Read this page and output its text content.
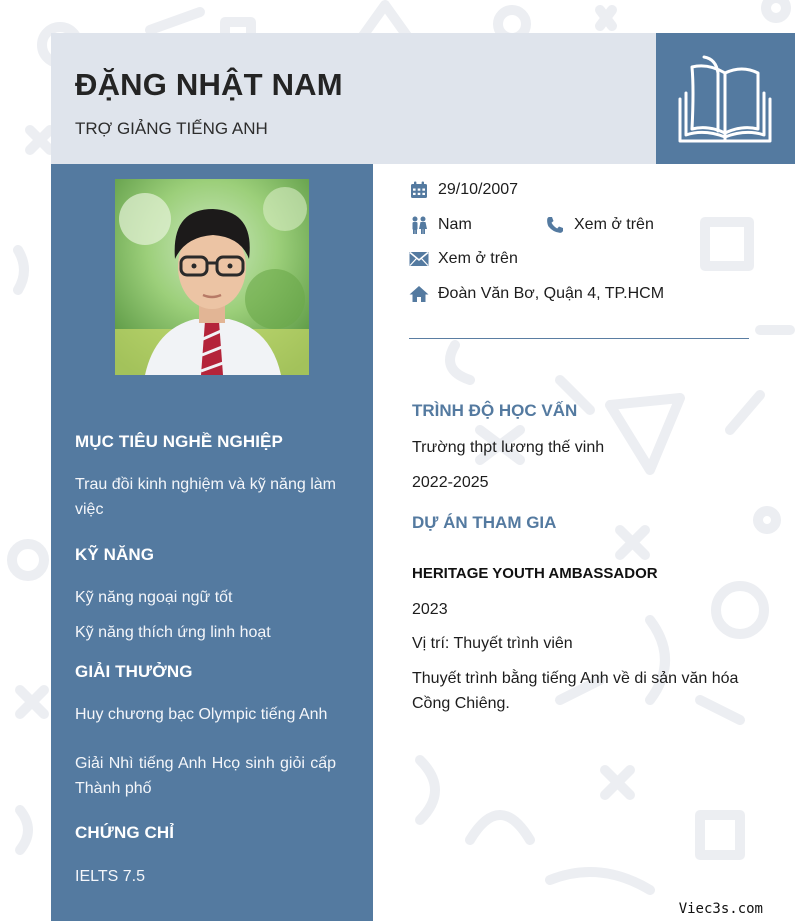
ĐẶNG NHẬT NAM
TRỢ GIẢNG TIẾNG ANH
MỤC TIÊU NGHỀ NGHIỆP
Trau đồi kinh nghiệm và kỹ năng làm việc
KỸ NĂNG
Kỹ năng ngoại ngữ tốt
Kỹ năng thích ứng linh hoạt
GIẢI THƯỞNG
Huy chương bạc Olympic tiếng Anh
Giải Nhì tiếng Anh Hcọ sinh giỏi cấp Thành phố
CHỨNG CHỈ
IELTS 7.5
29/10/2007
Nam	Xem ở trên
Xem ở trên
Đoàn Văn Bơ, Quận 4, TP.HCM
TRÌNH ĐỘ HỌC VẤN
Trường thpt lương thế vinh
2022-2025
DỰ ÁN THAM GIA
HERITAGE YOUTH AMBASSADOR
2023
Vị trí: Thuyết trình viên
Thuyết trình bằng tiếng Anh về di sản văn hóa Cồng Chiêng.
Viec3s.com
